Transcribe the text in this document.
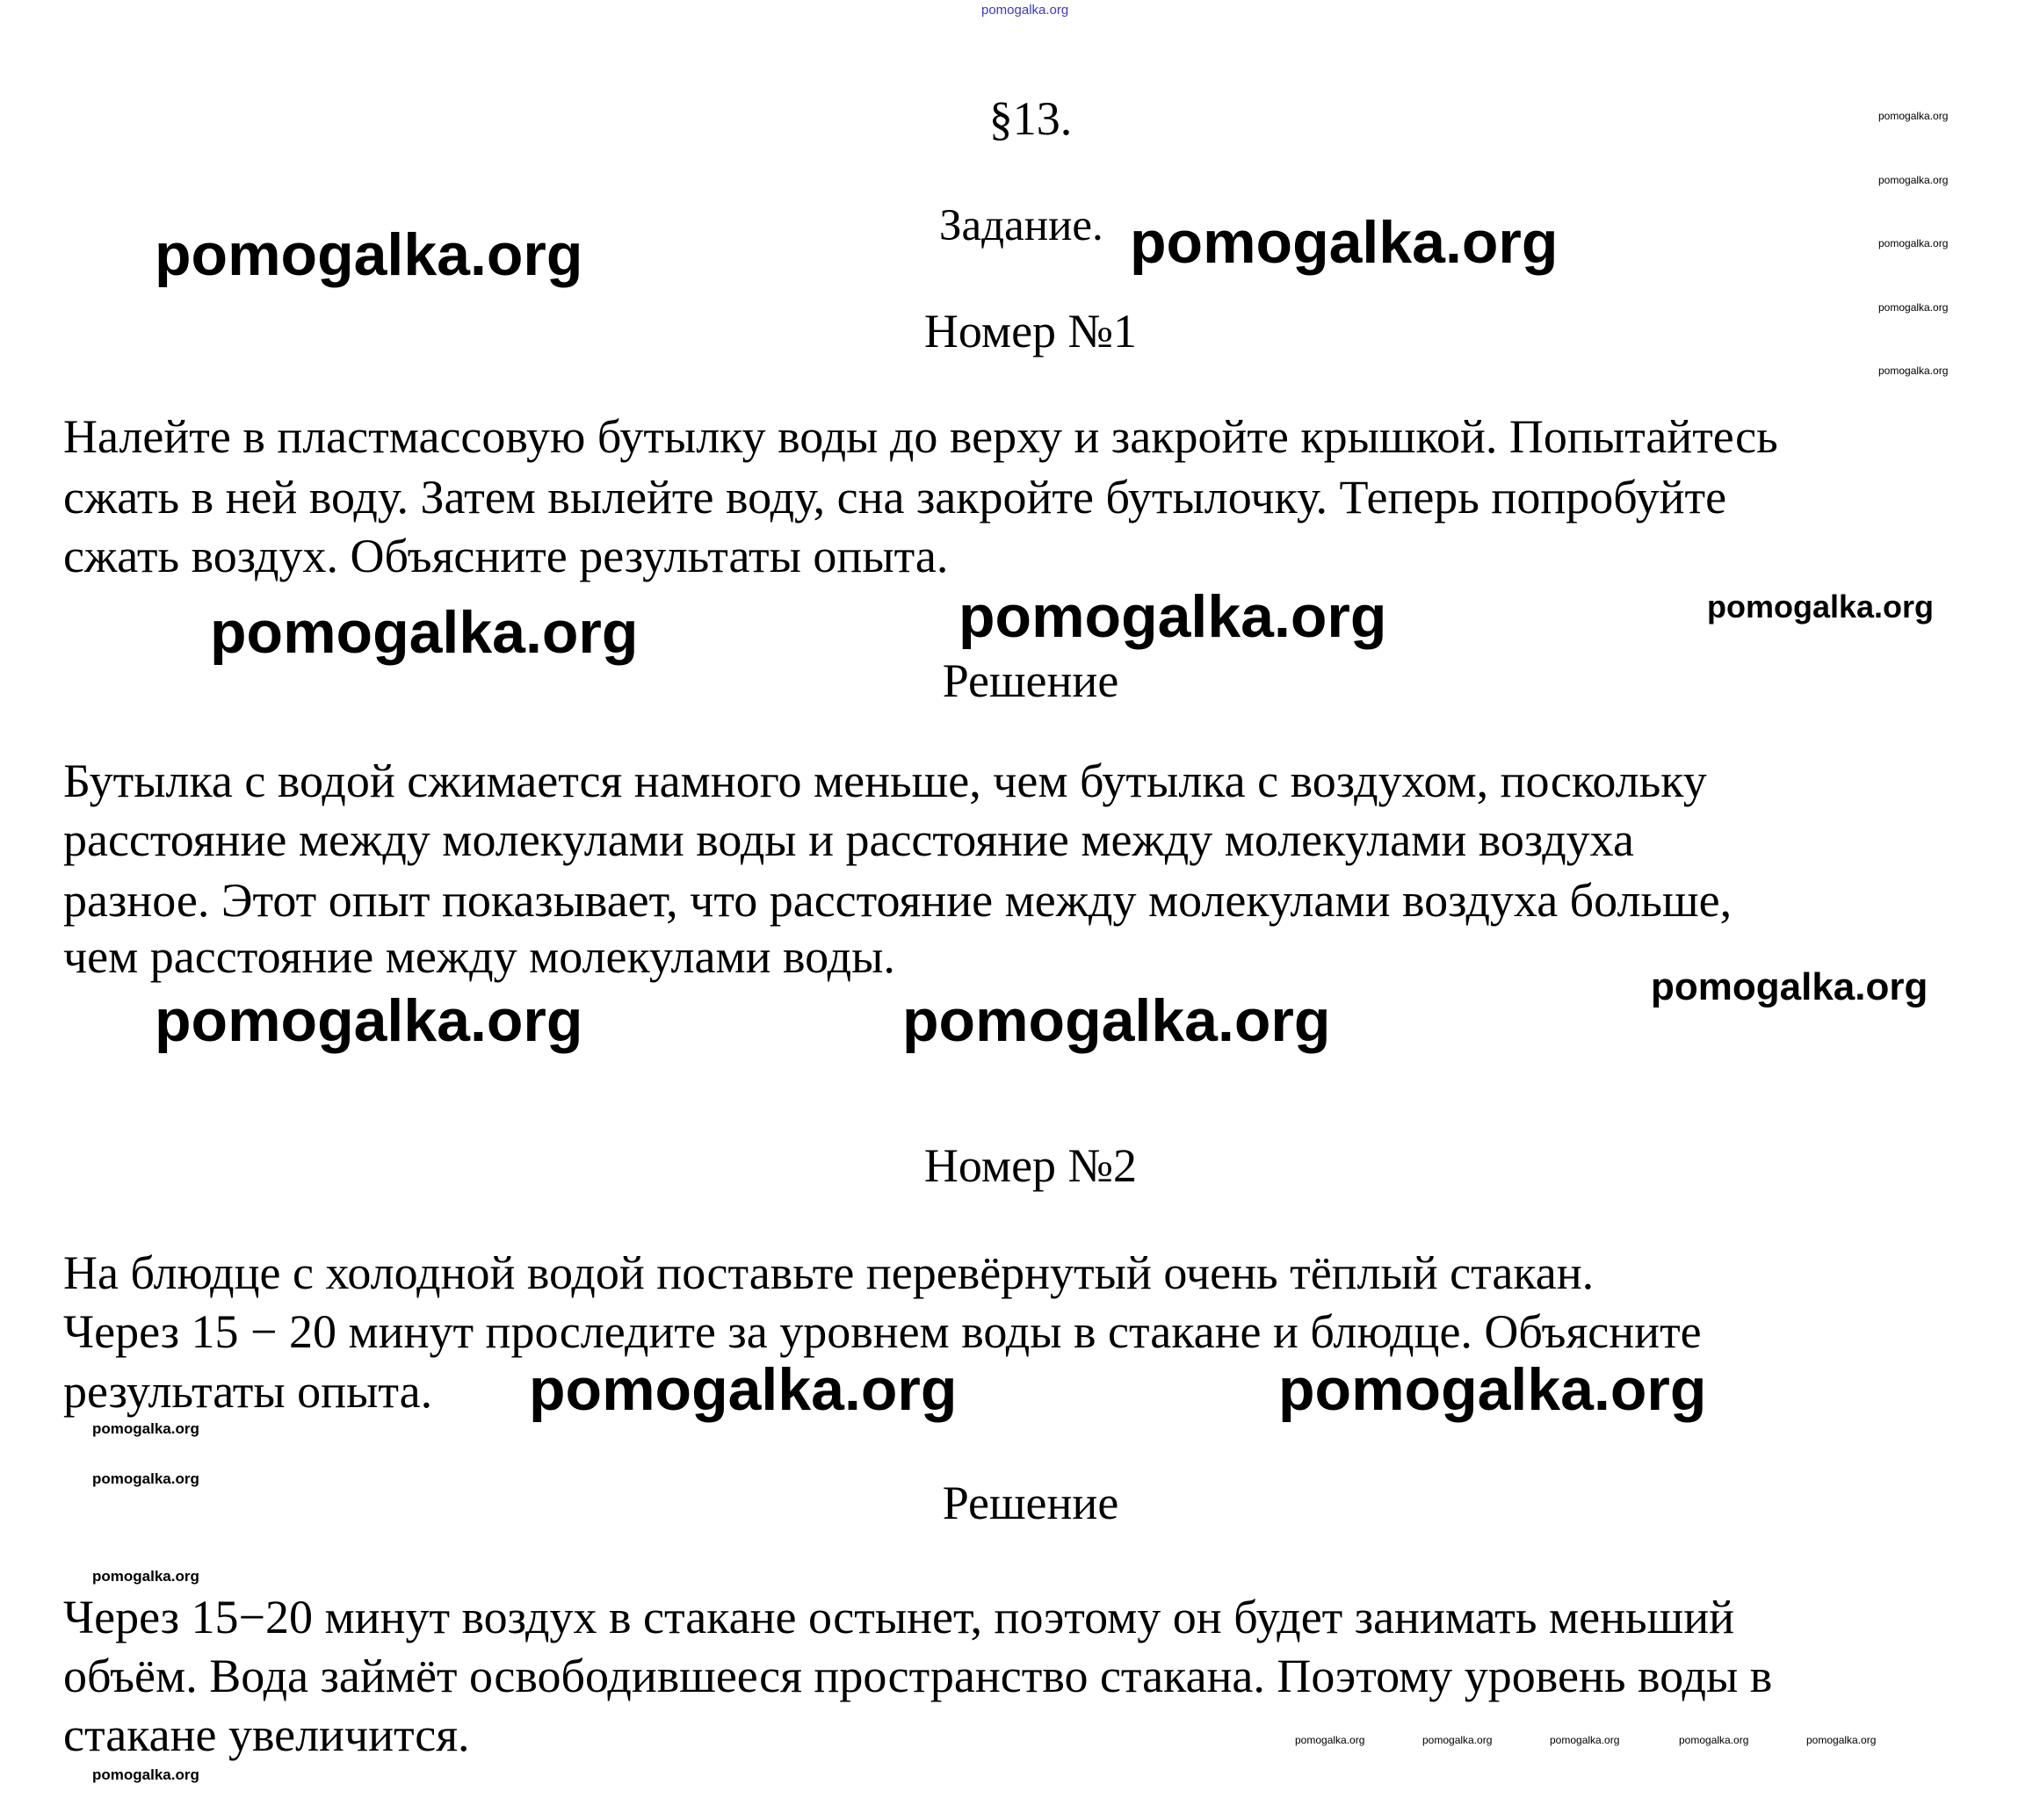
pomogalka.org
§13.
Задание.
Номер №1
pomogalka.org
pomogalka.org
pomogalka.org
pomogalka.org
pomogalka.org
pomogalka.org	pomogalka.org
Налейте в пластмассовую бутылку воды до верху и закройте крышкой. Попытайтесь
сжать в ней воду. Затем вылейте воду, сна закройте бутылочку. Теперь попробуйте
сжать воздух. Объясните результаты опыта.
pomogalka.org	pomogalka.org	pomogalka.org
Решение
Бутылка с водой сжимается намного меньше, чем бутылка с воздухом, поскольку
расстояние между молекулами воды и расстояние между молекулами воздуха
разное. Этот опыт показывает, что расстояние между молекулами воздуха больше,
чем расстояние между молекулами воды.
pomogalka.org	pomogalka.org
pomogalka.org
Номер №2
На блюдце с холодной водой поставьте перевёрнутый очень тёплый стакан.
Через 15 − 20 минут проследите за уровнем воды в стакане и блюдце. Объясните
результаты опыта.
pomogalka.org
pomogalka.org	pomogalka.org
pomogalka.org	Решение
pomogalka.org
Через 15−20 минут воздух в стакане остынет, поэтому он будет занимать меньший
объём. Вода займёт освободившееся пространство стакана. Поэтому уровень воды в
стакане увеличится.
pomogalka.org
pomogalka.org	pomogalka.org	pomogalka.org	pomogalka.org	pomogalka.org
